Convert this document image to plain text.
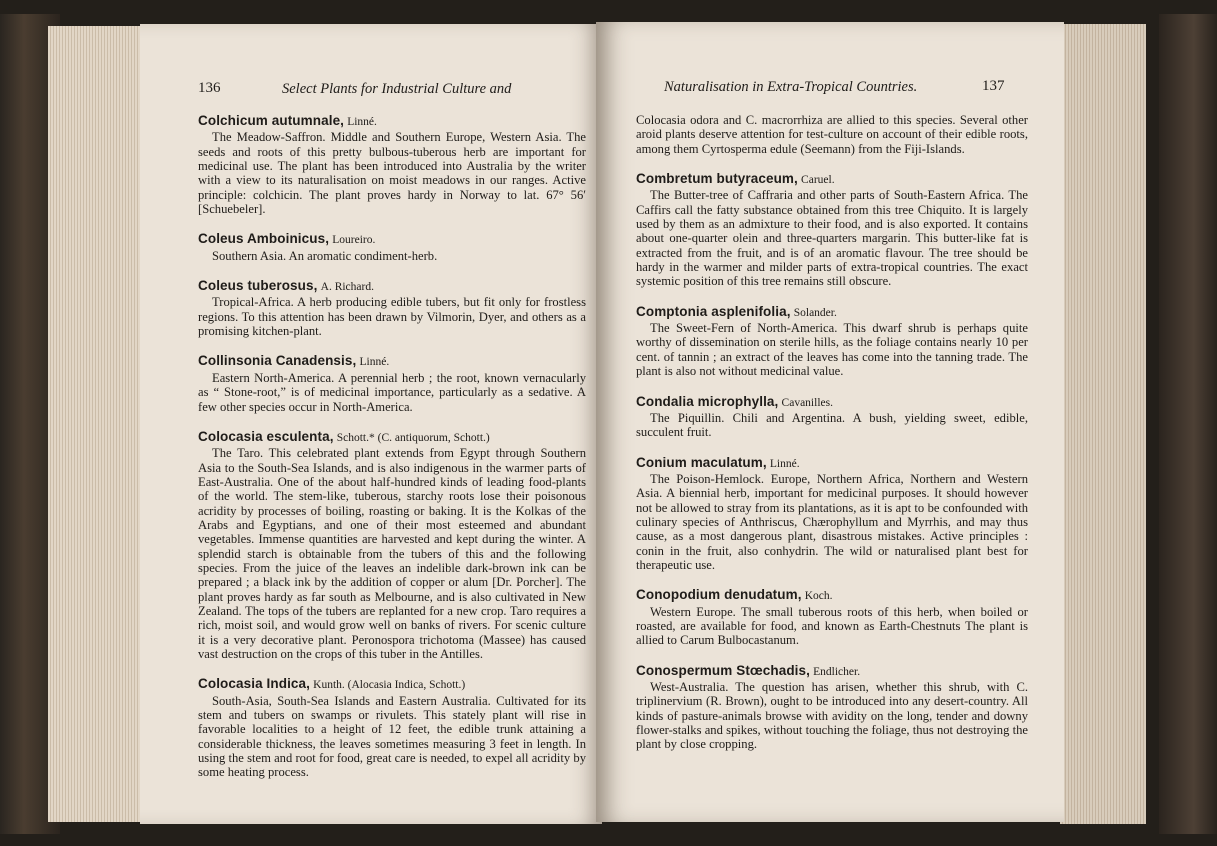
136	Select Plants for Industrial Culture and

Colchicum autumnale, Linné.

The Meadow-Saffron. Middle and Southern Europe, Western Asia. The seeds and roots of this pretty bulbous-tuberous herb are important for medicinal use. The plant has been introduced into Australia by the writer with a view to its naturalisation on moist meadows in our ranges. Active principle: colchicin. The plant proves hardy in Norway to lat. 67° 56′ [Schuebeler].

Coleus Amboinicus, Loureiro.

Southern Asia. An aromatic condiment-herb.

Coleus tuberosus, A. Richard.

Tropical-Africa. A herb producing edible tubers, but fit only for frostless regions. To this attention has been drawn by Vilmorin, Dyer, and others as a promising kitchen-plant.

Collinsonia Canadensis, Linné.

Eastern North-America. A perennial herb ; the root, known vernacularly as “ Stone-root,” is of medicinal importance, particularly as a sedative. A few other species occur in North-America.

Colocasia esculenta, Schott.* (C. antiquorum, Schott.)

The Taro. This celebrated plant extends from Egypt through Southern Asia to the South-Sea Islands, and is also indigenous in the warmer parts of East-Australia. One of the about half-hundred kinds of leading food-plants of the world. The stem-like, tuberous, starchy roots lose their poisonous acridity by processes of boiling, roasting or baking. It is the Kolkas of the Arabs and Egyptians, and one of their most esteemed and abundant vegetables. Immense quantities are harvested and kept during the winter. A splendid starch is obtainable from the tubers of this and the following species. From the juice of the leaves an indelible dark-brown ink can be prepared ; a black ink by the addition of copper or alum [Dr. Porcher]. The plant proves hardy as far south as Melbourne, and is also cultivated in New Zealand. The tops of the tubers are replanted for a new crop. Taro requires a rich, moist soil, and would grow well on banks of rivers. For scenic culture it is a very decorative plant. Peronospora trichotoma (Massee) has caused vast destruction on the crops of this tuber in the Antilles.

Colocasia Indica, Kunth. (Alocasia Indica, Schott.)

South-Asia, South-Sea Islands and Eastern Australia. Cultivated for its stem and tubers on swamps or rivulets. This stately plant will rise in favorable localities to a height of 12 feet, the edible trunk attaining a considerable thickness, the leaves sometimes measuring 3 feet in length. In using the stem and root for food, great care is needed, to expel all acridity by some heating process.

Naturalisation in Extra-Tropical Countries.	137

Colocasia odora and C. macrorrhiza are allied to this species. Several other aroid plants deserve attention for test-culture on account of their edible roots, among them Cyrtosperma edule (Seemann) from the Fiji-Islands.

Combretum butyraceum, Caruel.

The Butter-tree of Caffraria and other parts of South-Eastern Africa. The Caffirs call the fatty substance obtained from this tree Chiquito. It is largely used by them as an admixture to their food, and is also exported. It contains about one-quarter olein and three-quarters margarin. This butter-like fat is extracted from the fruit, and is of an aromatic flavour. The tree should be hardy in the warmer and milder parts of extra-tropical countries. The exact systemic position of this tree remains still obscure.

Comptonia asplenifolia, Solander.

The Sweet-Fern of North-America. This dwarf shrub is perhaps quite worthy of dissemination on sterile hills, as the foliage contains nearly 10 per cent. of tannin ; an extract of the leaves has come into the tanning trade. The plant is also not without medicinal value.

Condalia microphylla, Cavanilles.

The Piquillin. Chili and Argentina. A bush, yielding sweet, edible, succulent fruit.

Conium maculatum, Linné.

The Poison-Hemlock. Europe, Northern Africa, Northern and Western Asia. A biennial herb, important for medicinal purposes. It should however not be allowed to stray from its plantations, as it is apt to be confounded with culinary species of Anthriscus, Chærophyllum and Myrrhis, and may thus cause, as a most dangerous plant, disastrous mistakes. Active principles : conin in the fruit, also conhydrin. The wild or naturalised plant best for therapeutic use.

Conopodium denudatum, Koch.

Western Europe. The small tuberous roots of this herb, when boiled or roasted, are available for food, and known as Earth-Chestnuts The plant is allied to Carum Bulbocastanum.

Conospermum Stœchadis, Endlicher.

West-Australia. The question has arisen, whether this shrub, with C. triplinervium (R. Brown), ought to be introduced into any desert-country. All kinds of pasture-animals browse with avidity on the long, tender and downy flower-stalks and spikes, without touching the foliage, thus not destroying the plant by close cropping.
